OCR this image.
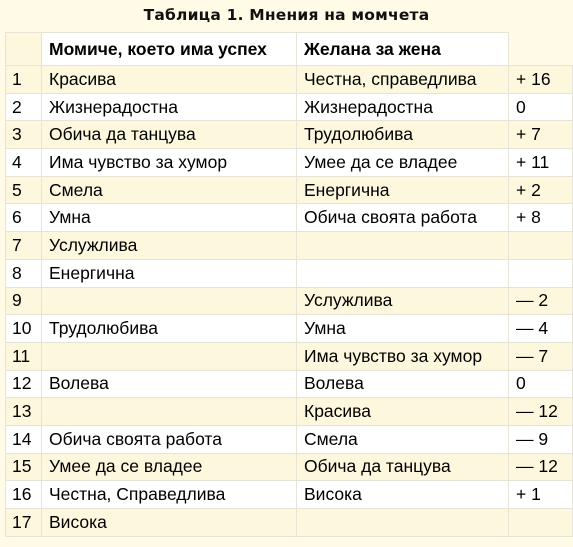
Таблица 1. Мнения на момчета
	Момиче, което има успех	Желана за жена	
1	Красива	Честна, справедлива	+ 16
2	Жизнерадостна	Жизнерадостна	0
3	Обича да танцува	Трудолюбива	+ 7
4	Има чувство за хумор	Умее да се владее	+ 11
5	Смела	Енергична	+ 2
6	Умна	Обича своята работа	+ 8
7	Услужлива		
8	Енергична		
9		Услужлива	— 2
10	Трудолюбива	Умна	— 4
11		Има чувство за хумор	— 7
12	Волева	Волева	0
13		Красива	— 12
14	Обича своята работа	Смела	— 9
15	Умее да се владее	Обича да танцува	— 12
16	Честна, Справедлива	Висока	+ 1
17	Висока		
